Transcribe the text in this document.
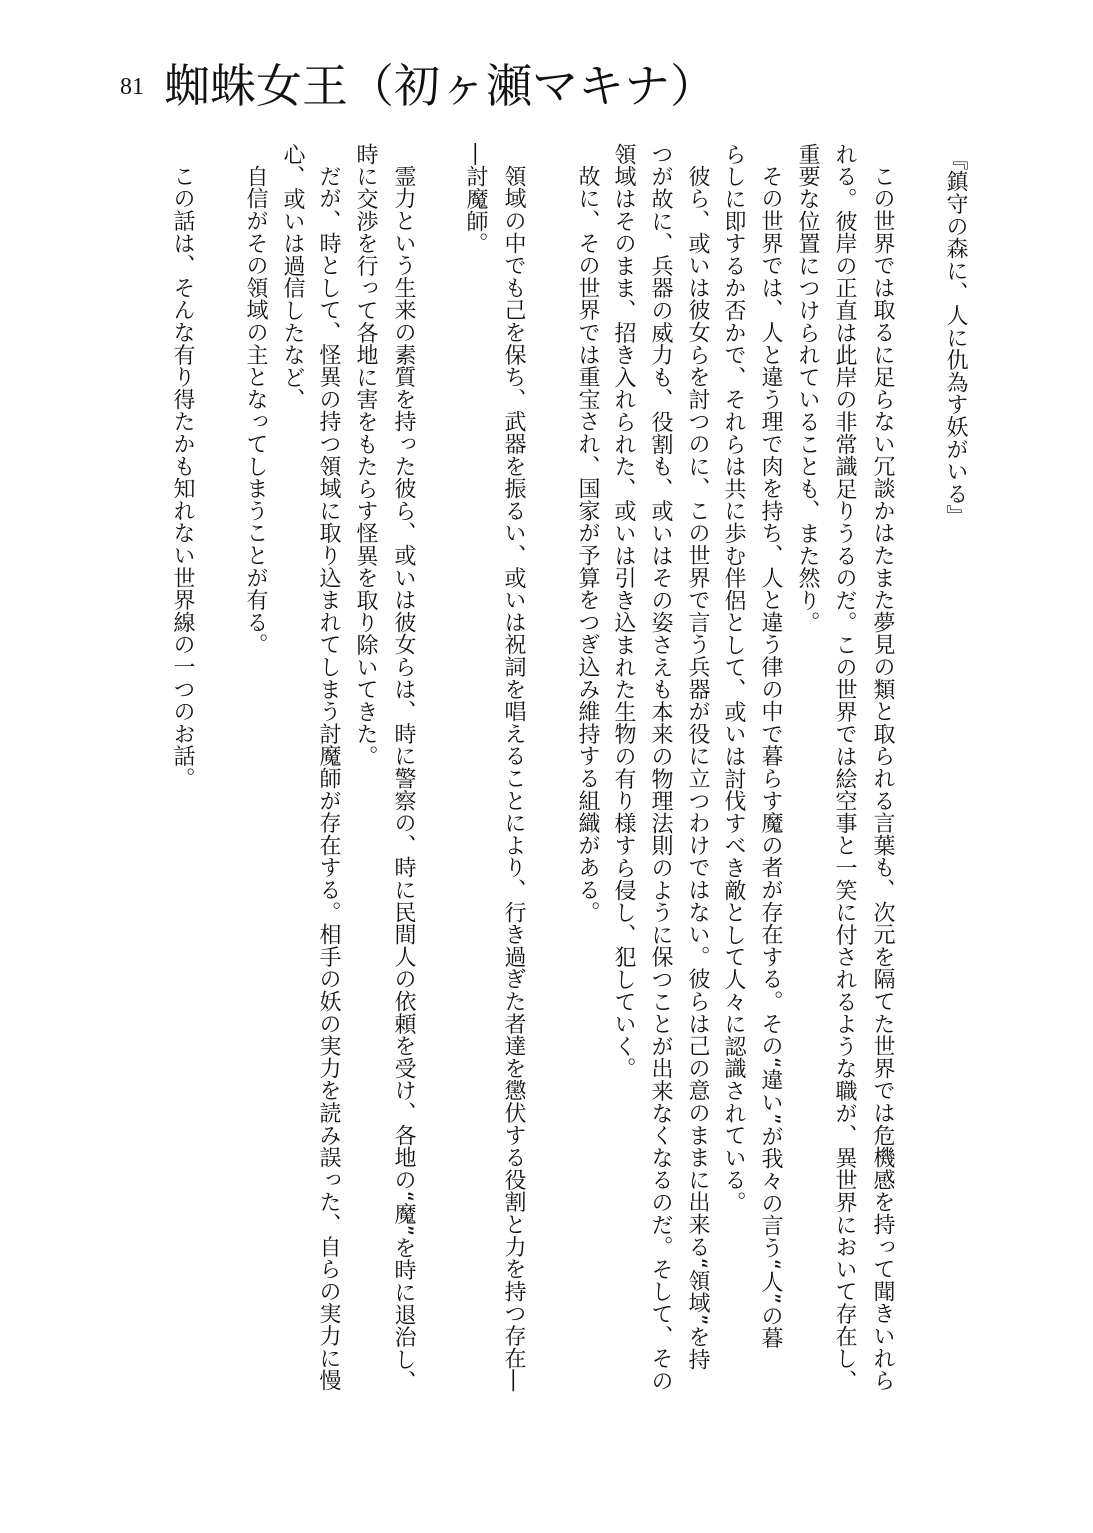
81 蜘蛛女王（初ヶ瀬マキナ）
『鎮守の森に、人に仇為す妖がいる』
この世界では取るに足らない冗談かはたまた夢見の類と取られる言葉も、次元を隔てた世界では危機感を持って聞きいれら
れる。彼岸の正直は此岸の非常識足りうるのだ。この世界では絵空事と一笑に付されるような職が、異世界において存在し、
重要な位置につけられていることも、また然り。
その世界では、人と違う理で肉を持ち、人と違う律の中で暮らす魔の者が存在する。その“違い”が我々の言う“人”の暮
らしに即するか否かで、それらは共に歩む伴侶として、或いは討伐すべき敵として人々に認識されている。
彼ら、或いは彼女らを討つのに、この世界で言う兵器が役に立つわけではない。彼らは己の意のままに出来る“領域”を持
つが故に、兵器の威力も、役割も、或いはその姿さえも本来の物理法則のように保つことが出来なくなるのだ。そして、その
領域はそのまま、招き入れられた、或いは引き込まれた生物の有り様すら侵し、犯していく。
故に、その世界では重宝され、国家が予算をつぎ込み維持する組織がある。
領域の中でも己を保ち、武器を振るい、或いは祝詞を唱えることにより、行き過ぎた者達を懲伏する役割と力を持つ存在―
―討魔師。
霊力という生来の素質を持った彼ら、或いは彼女らは、時に警察の、時に民間人の依頼を受け、各地の“魔”を時に退治し、
時に交渉を行って各地に害をもたらす怪異を取り除いてきた。
だが、時として、怪異の持つ領域に取り込まれてしまう討魔師が存在する。相手の妖の実力を読み誤った、自らの実力に慢
心、或いは過信したなど、
自信がその領域の主となってしまうことが有る。
この話は、そんな有り得たかも知れない世界線の一つのお話。
